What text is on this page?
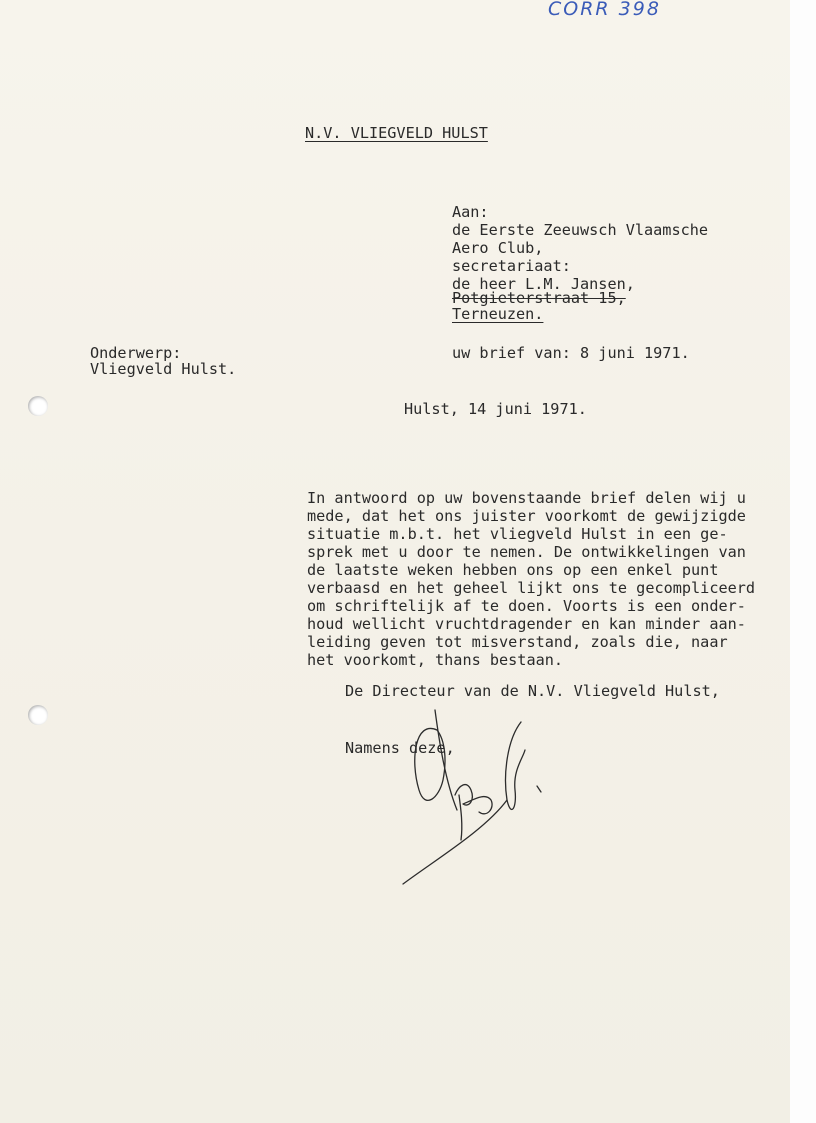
CORR 398
N.V. VLIEGVELD HULST
Aan:
de Eerste Zeeuwsch Vlaamsche
Aero Club,
secretariaat:
de heer L.M. Jansen,
Potgieterstraat 15,
Terneuzen.
Onderwerp:
Vliegveld Hulst.
uw brief van: 8 juni 1971.
Hulst, 14 juni 1971.
In antwoord op uw bovenstaande brief delen wij u
mede, dat het ons juister voorkomt de gewijzigde
situatie m.b.t. het vliegveld Hulst in een ge-
sprek met u door te nemen. De ontwikkelingen van
de laatste weken hebben ons op een enkel punt
verbaasd en het geheel lijkt ons te gecompliceerd
om schriftelijk af te doen. Voorts is een onder-
houd wellicht vruchtdragender en kan minder aan-
leiding geven tot misverstand, zoals die, naar
het voorkomt, thans bestaan.
De Directeur van de N.V. Vliegveld Hulst,
Namens deze,
